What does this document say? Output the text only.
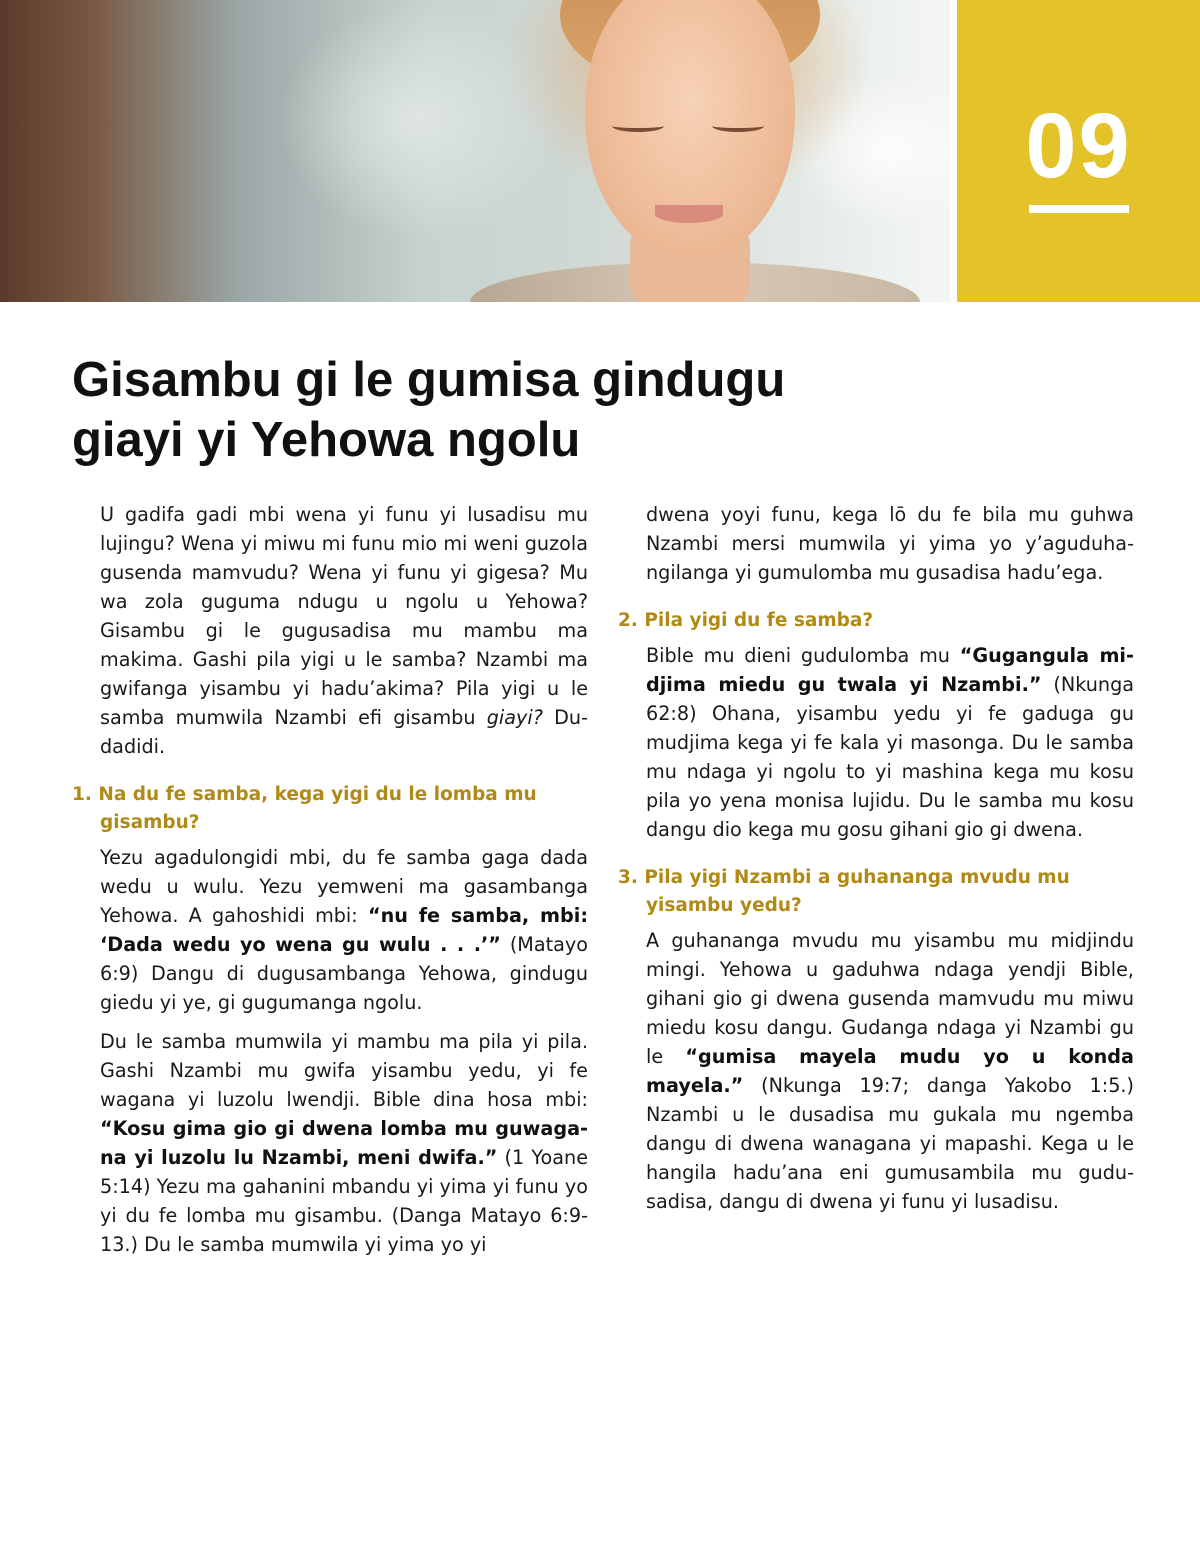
09
Gisambu gi le gumisa gindugu
giayi yi Yehowa ngolu

U gadifa gadi mbi wena yi funu yi lusadisu mu lujingu? Wena yi miwu mi funu mio mi weni guzola gusenda mamvudu? Wena yi funu yi gigesa? Mu wa zola guguma ndugu u ngolu u Yehowa? Gisambu gi le gugusadisa mu mambu ma makima. Gashi pila yigi u le samba? Nzambi ma gwifanga yisambu yi hadu’akima? Pila yigi u le samba mumwila Nzambi efi gisambu giayi? Dudadidi.

1. Na du fe samba, kega yigi du le lomba mu gisambu?

Yezu agadulongidi mbi, du fe samba gaga dada wedu u wulu. Yezu yemweni ma gasambanga Yehowa. A gahoshidi mbi: “nu fe samba, mbi: ‘Dada wedu yo wena gu wulu . . .’” (Matayo 6:9) Dangu di dugusambanga Yehowa, gindugu giedu yi ye, gi gugumanga ngolu.

Du le samba mumwila yi mambu ma pila yi pila. Gashi Nzambi mu gwifa yisambu yedu, yi fe wagana yi luzolu lwendji. Bible dina hosa mbi: “Kosu gima gio gi dwena lomba mu guwagana yi luzolu lu Nzambi, meni dwifa.” (1 Yoane 5:14) Yezu ma gahanini mbandu yi yima yi funu yo yi du fe lomba mu gisambu. (Danga Matayo 6:9-13.) Du le samba mumwila yi yima yo yi

dwena yoyi funu, kega lō du fe bila mu guhwa Nzambi mersi mumwila yi yima yo y’aguduhangilanga yi gumulomba mu gusadisa hadu’ega.

2. Pila yigi du fe samba?

Bible mu dieni gudulomba mu “Gugangula midjima miedu gu twala yi Nzambi.” (Nkunga 62:8) Ohana, yisambu yedu yi fe gaduga gu mudjima kega yi fe kala yi masonga. Du le samba mu ndaga yi ngolu to yi mashina kega mu kosu pila yo yena monisa lujidu. Du le samba mu kosu dangu dio kega mu gosu gihani gio gi dwena.

3. Pila yigi Nzambi a guhananga mvudu mu yisambu yedu?

A guhananga mvudu mu yisambu mu midjindu mingi. Yehowa u gaduhwa ndaga yendji Bible, gihani gio gi dwena gusenda mamvudu mu miwu miedu kosu dangu. Gudanga ndaga yi Nzambi gu le “gumisa mayela mudu yo u konda mayela.” (Nkunga 19:7; danga Yakobo 1:5.) Nzambi u le dusadisa mu gukala mu ngemba dangu di dwena wanagana yi mapashi. Kega u le hangila hadu’ana eni gumusambila mu gudusadisa, dangu di dwena yi funu yi lusadisu.
